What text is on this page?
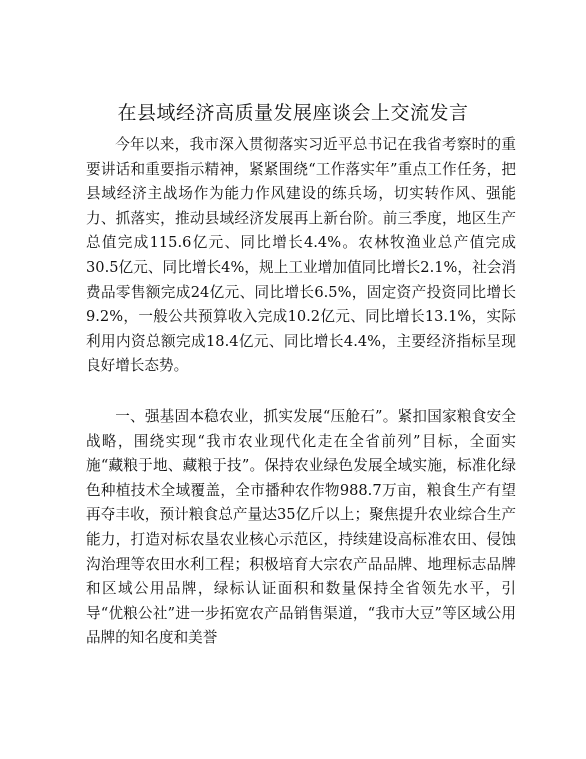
在县域经济高质量发展座谈会上交流发言

今年以来，我市深入贯彻落实习近平总书记在我省考察时的重要讲话和重要指示精神，紧紧围绕“工作落实年”重点工作任务，把县域经济主战场作为能力作风建设的练兵场，切实转作风、强能力、抓落实，推动县域经济发展再上新台阶。前三季度，地区生产总值完成115.6亿元、同比增长4.4%。农林牧渔业总产值完成30.5亿元、同比增长4%，规上工业增加值同比增长2.1%，社会消费品零售额完成24亿元、同比增长6.5%，固定资产投资同比增长9.2%，一般公共预算收入完成10.2亿元、同比增长13.1%，实际利用内资总额完成18.4亿元、同比增长4.4%，主要经济指标呈现良好增长态势。

一、强基固本稳农业，抓实发展“压舱石”。紧扣国家粮食安全战略，围绕实现“我市农业现代化走在全省前列”目标，全面实施“藏粮于地、藏粮于技”。保持农业绿色发展全域实施，标准化绿色种植技术全域覆盖，全市播种农作物988.7万亩，粮食生产有望再夺丰收，预计粮食总产量达35亿斤以上；聚焦提升农业综合生产能力，打造对标农垦农业核心示范区，持续建设高标准农田、侵蚀沟治理等农田水利工程；积极培育大宗农产品品牌、地理标志品牌和区域公用品牌，绿标认证面积和数量保持全省领先水平，引导“优粮公社”进一步拓宽农产品销售渠道，“我市大豆”等区域公用品牌的知名度和美誉
